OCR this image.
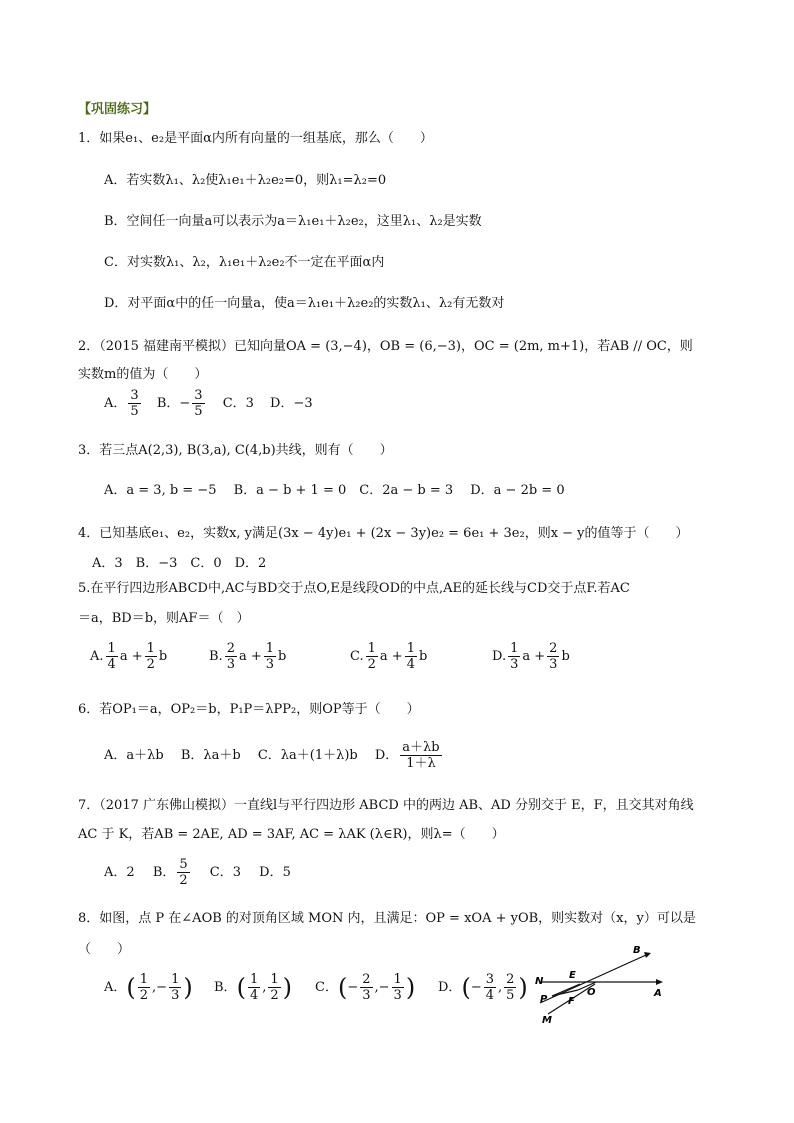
【巩固练习】
1．如果e₁、e₂是平面α内所有向量的一组基底，那么（　　）
A．若实数λ₁、λ₂使λ₁e₁＋λ₂e₂=0，则λ₁=λ₂=0
B．空间任一向量a可以表示为a＝λ₁e₁＋λ₂e₂，这里λ₁、λ₂是实数
C．对实数λ₁、λ₂，λ₁e₁＋λ₂e₂不一定在平面α内
D．对平面α中的任一向量a，使a＝λ₁e₁＋λ₂e₂的实数λ₁、λ₂有无数对
2．（2015 福建南平模拟）已知向量OA = (3,−4)，OB = (6,−3)，OC = (2m, m+1)，若AB // OC，则
实数m的值为（　　）
A． $\frac{3}{5}$ B．− $\frac{3}{5}$ C．3 D．−3
3．若三点A(2,3), B(3,a), C(4,b)共线，则有（　　）
A．a = 3, b = −5　 B．a − b + 1 = 0　C．2a − b = 3　 D．a − 2b = 0
4．已知基底e₁、e₂，实数x, y满足(3x − 4y)e₁ + (2x − 3y)e₂ = 6e₁ + 3e₂，则x − y的值等于（　　）
A．3　B．−3　C．0　D．2
5.在平行四边形ABCD中,AC与BD交于点O,E是线段OD的中点,AE的延长线与CD交于点F.若AC
＝a，BD＝b，则AF＝（　）
A. $\frac{1}{4}$ $a + \frac{1}{2}$ b	B. $\frac{2}{3}$ $a + \frac{1}{3}$ b	C. $\frac{1}{2}$ $a + \frac{1}{4}$ b	D. $\frac{1}{3}$ $a + \frac{2}{3}$ b
6．若OP₁＝a，OP₂＝b，P₁P＝λPP₂，则OP等于（　　）
A．a＋λb　 B．λa＋b　 C．λa＋(1＋λ)b　 D． $\frac{a+\lambda b}{1+\lambda}$
7．（2017 广东佛山模拟）一直线l与平行四边形 ABCD 中的两边 AB、AD 分别交于 E，F，且交其对角线
AC 于 K，若AB = 2AE, AD = 3AF, AC = λAK (λ∈R)，则λ=（　　）
A．2 B． $\frac{5}{2}$ C．3 D．5
8．如图，点 P 在∠AOB 的对顶角区域 MON 内，且满足：OP = xOA + yOB，则实数对（x，y）可以是
（　　）
A．( $\frac{1}{2}$ ,− $\frac{1}{3}$ ) B．( $\frac{1}{4}$ , $\frac{1}{2}$ ) C．(− $\frac{2}{3}$ ,− $\frac{1}{3}$ ) D．(− $\frac{3}{4}$ , $\frac{2}{5}$ )
B
N
E
O	A
P F
M
